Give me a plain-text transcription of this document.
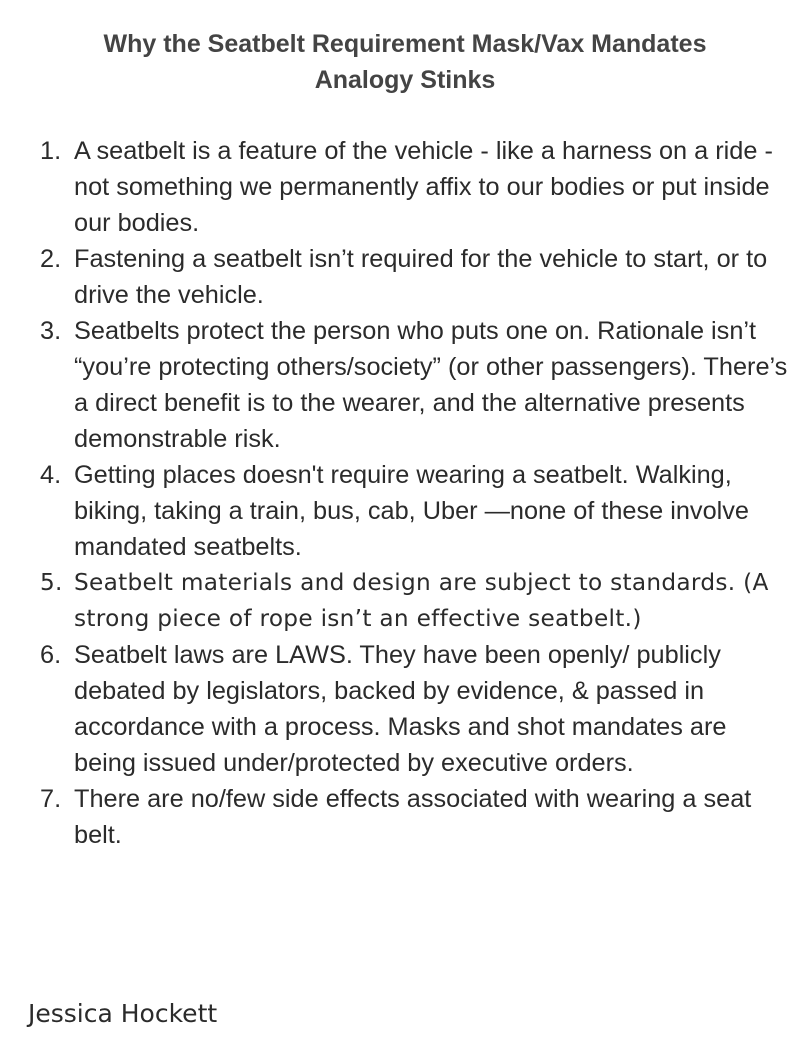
Why the Seatbelt Requirement Mask/Vax Mandates
Analogy Stinks
1. A seatbelt is a feature of the vehicle - like a harness on a ride - not something we permanently affix to our bodies or put inside our bodies.
2. Fastening a seatbelt isn’t required for the vehicle to start, or to drive the vehicle.
3. Seatbelts protect the person who puts one on. Rationale isn’t “you’re protecting others/society” (or other passengers). There’s a direct benefit is to the wearer, and the alternative presents demonstrable risk.
4. Getting places doesn't require wearing a seatbelt. Walking, biking, taking a train, bus, cab, Uber —none of these involve mandated seatbelts.
5. Seatbelt materials and design are subject to standards. (A strong piece of rope isn’t an effective seatbelt.)
6. Seatbelt laws are LAWS. They have been openly/ publicly debated by legislators, backed by evidence, & passed in accordance with a process. Masks and shot mandates are being issued under/protected by executive orders.
7. There are no/few side effects associated with wearing a seat belt.
Jessica Hockett
